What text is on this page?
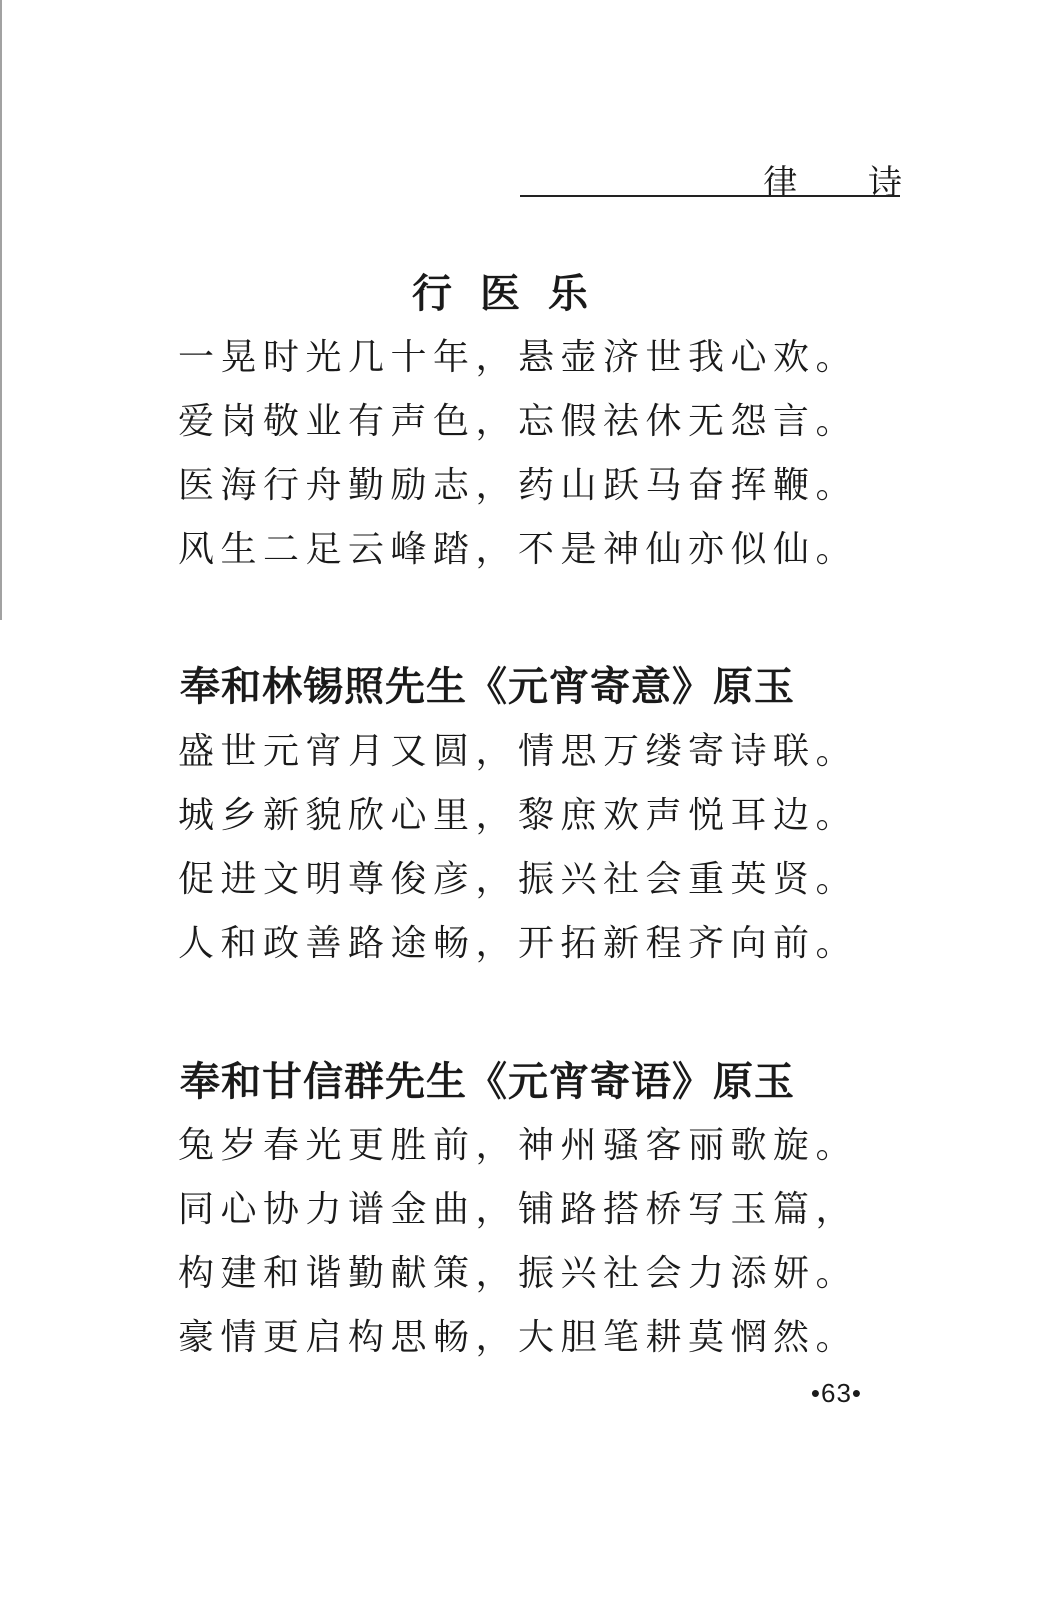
律 诗
行医乐
一晃时光几十年，悬壶济世我心欢。
爱岗敬业有声色，忘假祛休无怨言。
医海行舟勤励志，药山跃马奋挥鞭。
风生二足云峰踏，不是神仙亦似仙。
奉和林锡照先生《元宵寄意》原玉
盛世元宵月又圆，情思万缕寄诗联。
城乡新貌欣心里，黎庶欢声悦耳边。
促进文明尊俊彦，振兴社会重英贤。
人和政善路途畅，开拓新程齐向前。
奉和甘信群先生《元宵寄语》原玉
兔岁春光更胜前，神州骚客丽歌旋。
同心协力谱金曲，铺路搭桥写玉篇，
构建和谐勤献策，振兴社会力添妍。
豪情更启构思畅，大胆笔耕莫惘然。
•63•
